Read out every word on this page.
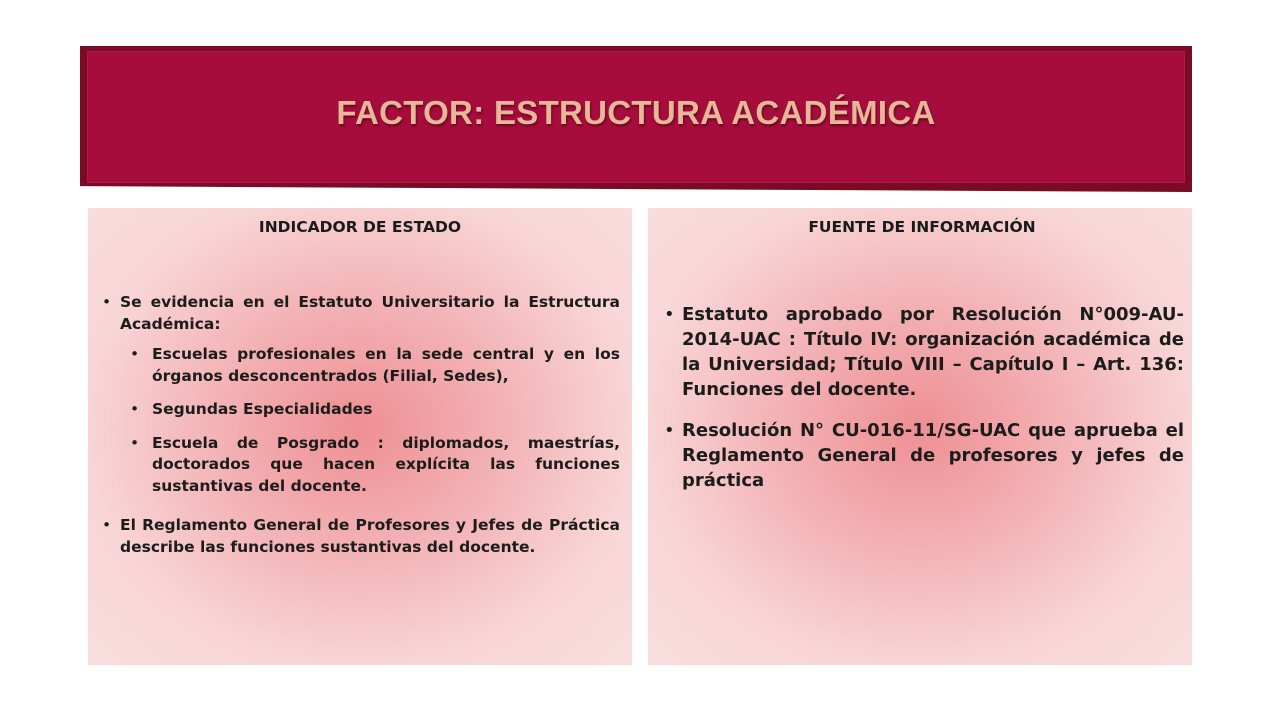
FACTOR: ESTRUCTURA ACADÉMICA
INDICADOR DE ESTADO
• Se evidencia en el Estatuto Universitario la Estructura Académica:
• Escuelas profesionales en la sede central y en los órganos desconcentrados (Filial, Sedes),
• Segundas Especialidades
• Escuela de Posgrado : diplomados, maestrías, doctorados que hacen explícita las funciones sustantivas del docente.
• El Reglamento General de Profesores y Jefes de Práctica describe las funciones sustantivas del docente.
FUENTE DE INFORMACIÓN
• Estatuto aprobado por Resolución N°009-AU-2014-UAC : Título IV: organización académica de la Universidad; Título VIII – Capítulo I – Art. 136: Funciones del docente.
• Resolución N° CU-016-11/SG-UAC que aprueba el Reglamento General de profesores y jefes de práctica
